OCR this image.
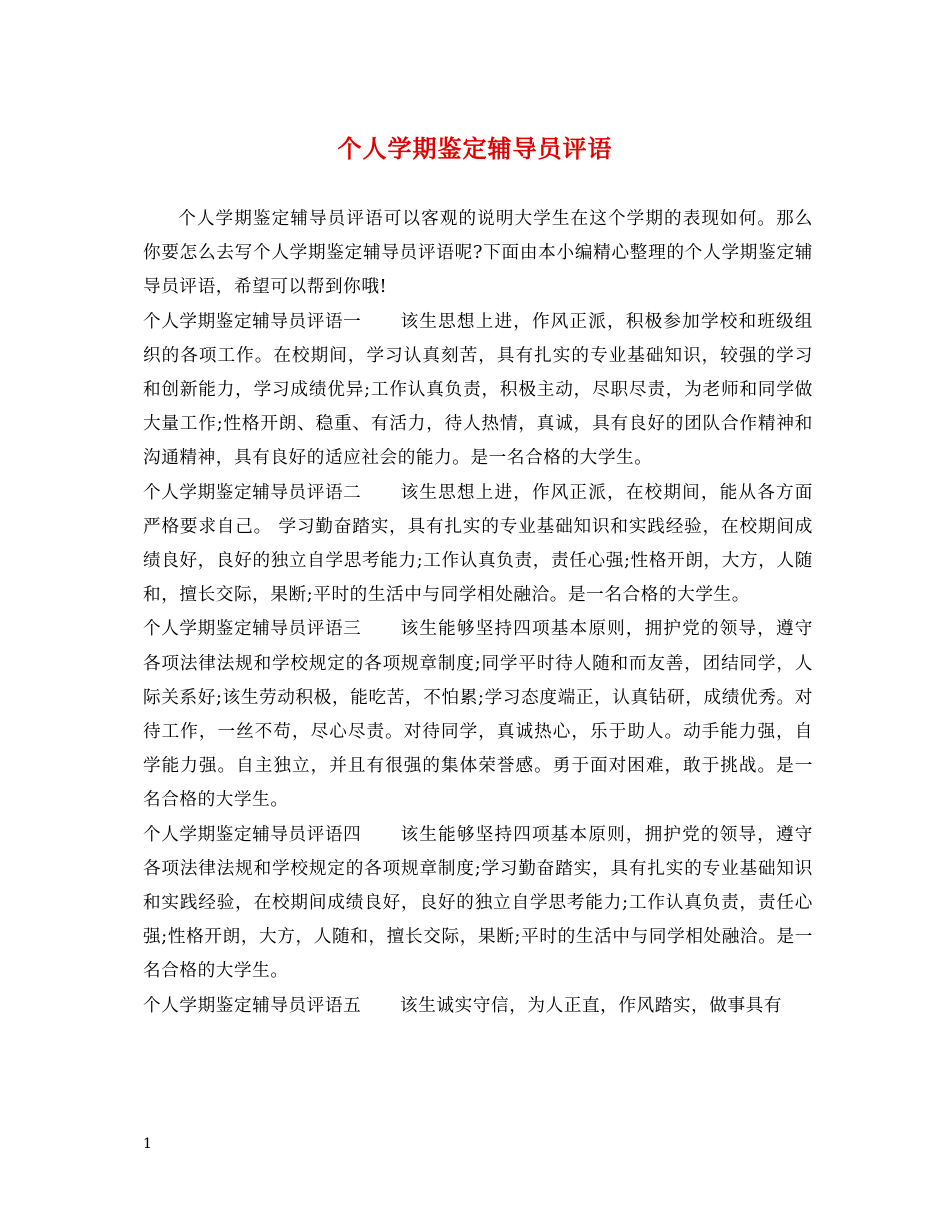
个人学期鉴定辅导员评语

个人学期鉴定辅导员评语可以客观的说明大学生在这个学期的表现如何。那么你要怎么去写个人学期鉴定辅导员评语呢?下面由本小编精心整理的个人学期鉴定辅导员评语，希望可以帮到你哦!

个人学期鉴定辅导员评语一 该生思想上进，作风正派，积极参加学校和班级组织的各项工作。在校期间，学习认真刻苦，具有扎实的专业基础知识，较强的学习和创新能力，学习成绩优异;工作认真负责，积极主动，尽职尽责，为老师和同学做大量工作;性格开朗、稳重、有活力，待人热情，真诚，具有良好的团队合作精神和沟通精神，具有良好的适应社会的能力。是一名合格的大学生。

个人学期鉴定辅导员评语二 该生思想上进，作风正派，在校期间，能从各方面严格要求自己。 学习勤奋踏实，具有扎实的专业基础知识和实践经验，在校期间成绩良好，良好的独立自学思考能力;工作认真负责，责任心强;性格开朗，大方，人随和，擅长交际，果断;平时的生活中与同学相处融洽。是一名合格的大学生。

个人学期鉴定辅导员评语三 该生能够坚持四项基本原则，拥护党的领导，遵守各项法律法规和学校规定的各项规章制度;同学平时待人随和而友善，团结同学，人际关系好;该生劳动积极，能吃苦，不怕累;学习态度端正，认真钻研，成绩优秀。对待工作，一丝不苟，尽心尽责。对待同学，真诚热心，乐于助人。动手能力强，自学能力强。自主独立，并且有很强的集体荣誉感。勇于面对困难，敢于挑战。是一名合格的大学生。

个人学期鉴定辅导员评语四 该生能够坚持四项基本原则，拥护党的领导，遵守各项法律法规和学校规定的各项规章制度;学习勤奋踏实，具有扎实的专业基础知识和实践经验，在校期间成绩良好，良好的独立自学思考能力;工作认真负责，责任心强;性格开朗，大方，人随和，擅长交际，果断;平时的生活中与同学相处融洽。是一名合格的大学生。

个人学期鉴定辅导员评语五 该生诚实守信，为人正直，作风踏实，做事具有

1
